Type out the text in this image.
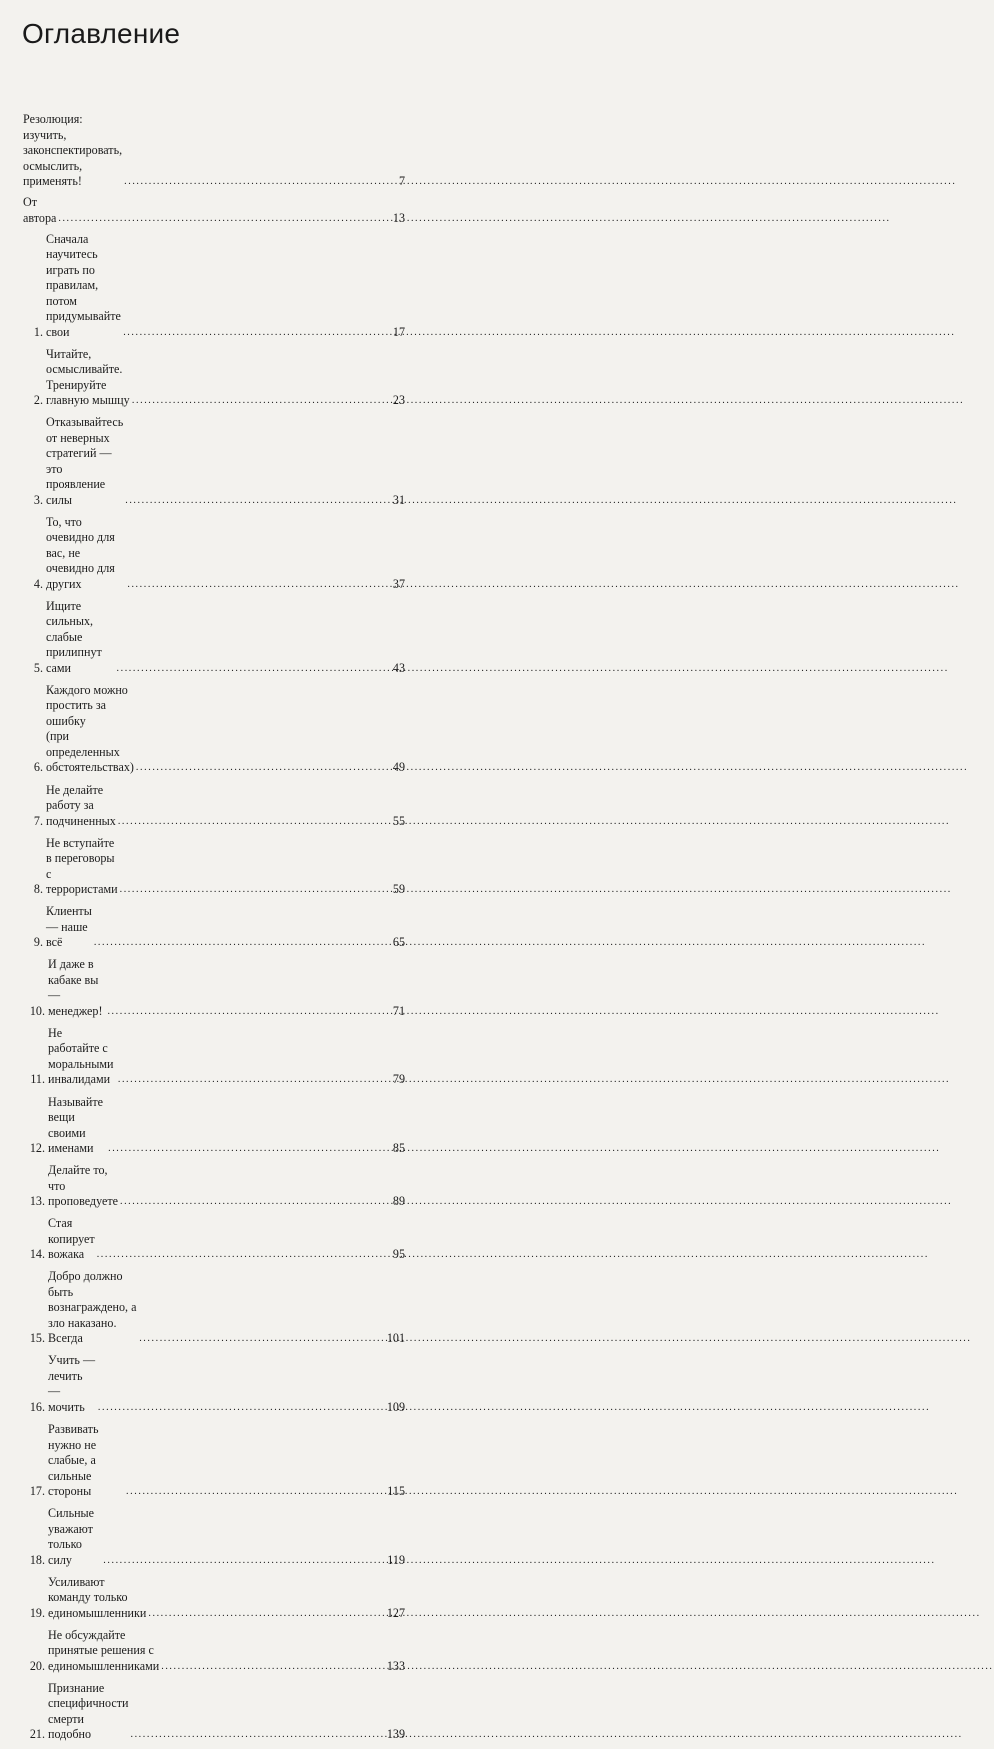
Оглавление
Резолюция: изучить, законспектировать, осмыслить,
применять! .....	7
От автора .....	13
1.
Сначала научитесь играть по правилам, потом
придумывайте свои .....	17
2.
Читайте, осмысливайте. Тренируйте главную мышцу .....	23
3.
Отказывайтесь от неверных стратегий — это
проявление силы .....	31
4.
То, что очевидно для вас, не очевидно для других .....	37
5.
Ищите сильных, слабые прилипнут сами .....	43
6.
Каждого можно простить за ошибку
(при определенных обстоятельствах) .....	49
7.
Не делайте работу за подчиненных .....	55
8.
Не вступайте в переговоры с террористами .....	59
9.
Клиенты — наше всё .....	65
10.
И даже в кабаке вы — менеджер! .....	71
11.
Не работайте с моральными инвалидами .....	79
12.
Называйте вещи своими именами .....	85
13.
Делайте то, что проповедуете .....	89
14.
Стая копирует вожака .....	95
15.
Добро должно быть вознаграждено, а зло наказано. Всегда .....	101
16.
Учить — лечить — мочить .....	109
17.
Развивать нужно не слабые, а сильные стороны .....	115
18.
Сильные уважают только силу .....	119
19.
Усиливают команду только единомышленники .....	127
20.
Не обсуждайте принятые решения с единомышленниками .....	133
21.
Признание специфичности смерти подобно .....	139
